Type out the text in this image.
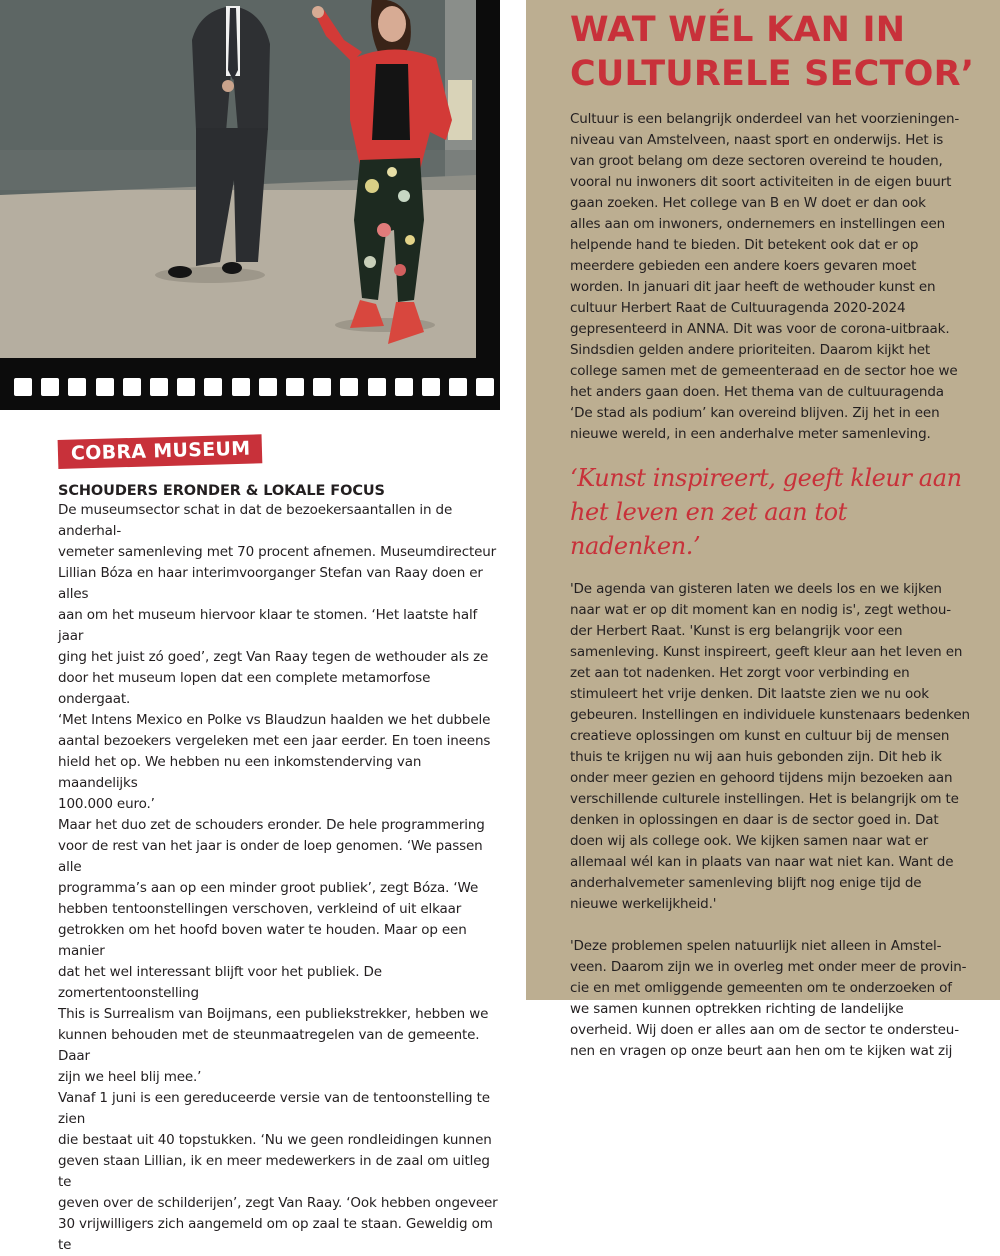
COBRA MUSEUM
SCHOUDERS ERONDER & LOKALE FOCUS

De museumsector schat in dat de bezoekersaantallen in de anderhal-
vemeter samenleving met 70 procent afnemen. Museumdirecteur
Lillian Bóza en haar interimvoorganger Stefan van Raay doen er alles
aan om het museum hiervoor klaar te stomen. ‘Het laatste half jaar
ging het juist zó goed’, zegt Van Raay tegen de wethouder als ze
door het museum lopen dat een complete metamorfose ondergaat.
‘Met Intens Mexico en Polke vs Blaudzun haalden we het dubbele
aantal bezoekers vergeleken met een jaar eerder. En toen ineens
hield het op. We hebben nu een inkomstenderving van maandelijks
100.000 euro.’
Maar het duo zet de schouders eronder. De hele programmering
voor de rest van het jaar is onder de loep genomen. ‘We passen alle
programma’s aan op een minder groot publiek’, zegt Bóza. ‘We
hebben tentoonstellingen verschoven, verkleind of uit elkaar
getrokken om het hoofd boven water te houden. Maar op een manier
dat het wel interessant blijft voor het publiek. De zomertentoonstelling
This is Surrealism van Boijmans, een publiekstrekker, hebben we
kunnen behouden met de steunmaatregelen van de gemeente. Daar
zijn we heel blij mee.’
Vanaf 1 juni is een gereduceerde versie van de tentoonstelling te zien
die bestaat uit 40 topstukken. ‘Nu we geen rondleidingen kunnen
geven staan Lillian, ik en meer medewerkers in de zaal om uitleg te
geven over de schilderijen’, zegt Van Raay. ‘Ook hebben ongeveer
30 vrijwilligers zich aangemeld om op zaal te staan. Geweldig om te

WAT WÉL KAN IN
CULTURELE SECTOR’

Cultuur is een belangrijk onderdeel van het voorzieningen-
niveau van Amstelveen, naast sport en onderwijs. Het is
van groot belang om deze sectoren overeind te houden,
vooral nu inwoners dit soort activiteiten in de eigen buurt
gaan zoeken. Het college van B en W doet er dan ook
alles aan om inwoners, ondernemers en instellingen een
helpende hand te bieden. Dit betekent ook dat er op
meerdere gebieden een andere koers gevaren moet
worden. In januari dit jaar heeft de wethouder kunst en
cultuur Herbert Raat de Cultuuragenda 2020-2024
gepresenteerd in ANNA. Dit was voor de corona-uitbraak.
Sindsdien gelden andere prioriteiten. Daarom kijkt het
college samen met de gemeenteraad en de sector hoe we
het anders gaan doen. Het thema van de cultuuragenda
‘De stad als podium’ kan overeind blijven. Zij het in een
nieuwe wereld, in een anderhalve meter samenleving.

‘Kunst inspireert, geeft kleur aan
het leven en zet aan tot nadenken.’

'De agenda van gisteren laten we deels los en we kijken
naar wat er op dit moment kan en nodig is', zegt wethou-
der Herbert Raat. 'Kunst is erg belangrijk voor een
samenleving. Kunst inspireert, geeft kleur aan het leven en
zet aan tot nadenken. Het zorgt voor verbinding en
stimuleert het vrije denken. Dit laatste zien we nu ook
gebeuren. Instellingen en individuele kunstenaars bedenken
creatieve oplossingen om kunst en cultuur bij de mensen
thuis te krijgen nu wij aan huis gebonden zijn. Dit heb ik
onder meer gezien en gehoord tijdens mijn bezoeken aan
verschillende culturele instellingen. Het is belangrijk om te
denken in oplossingen en daar is de sector goed in. Dat
doen wij als college ook. We kijken samen naar wat er
allemaal wél kan in plaats van naar wat niet kan. Want de
anderhalvemeter samenleving blijft nog enige tijd de
nieuwe werkelijkheid.'

'Deze problemen spelen natuurlijk niet alleen in Amstel-
veen. Daarom zijn we in overleg met onder meer de provin-
cie en met omliggende gemeenten om te onderzoeken of
we samen kunnen optrekken richting de landelijke
overheid. Wij doen er alles aan om de sector te ondersteu-
nen en vragen op onze beurt aan hen om te kijken wat zij
